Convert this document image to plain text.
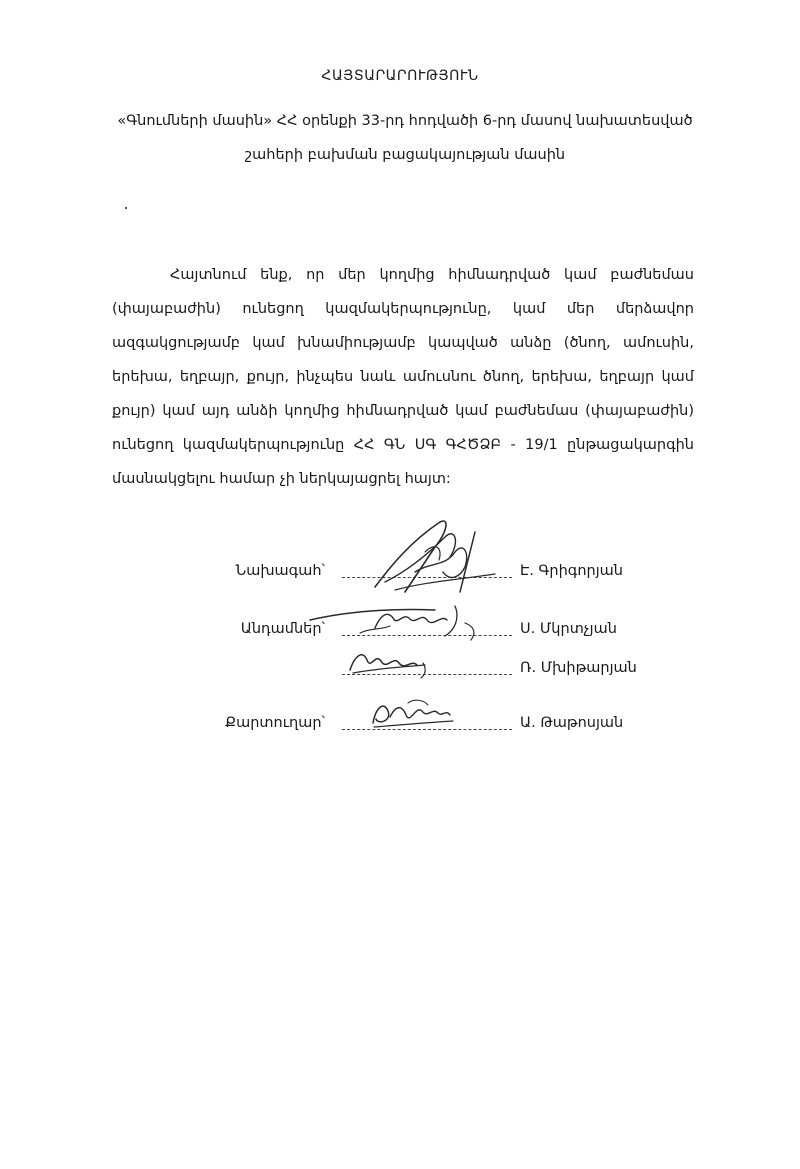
ՀԱՅՏԱՐԱՐՈՒԹՅՈՒՆ
«Գնումների մասին» ՀՀ օրենքի 33-րդ հոդվածի 6-րդ մասով նախատեսված շահերի բախման բացակայության մասին
Հայտնում ենք, որ մեր կողմից հիմնադրված կամ բաժնեմաս (փայաբաժին) ունեցող կազմակերպությունը, կամ մեր մերձավոր ազգակցությամբ կամ խնամիությամբ կապված անձը (ծնող, ամուսին, երեխա, եղբայր, քույր, ինչպես նաև ամուսնու ծնող, երեխա, եղբայր կամ քույր) կամ այդ անձի կողմից հիմնադրված կամ բաժնեմաս (փայաբաժին) ունեցող կազմակերպությունը ՀՀ ԳՆ ՍԳ ԳՀԾՁԲ - 19/1 ընթացակարգին մասնակցելու համար չի ներկայացրել հայտ:
Նախագահ՝	Է. Գրիգորյան
Անդամներ՝	Ս. Մկրտչյան
Ռ. Մխիթարյան
Քարտուղար՝	Ա. Թաթոսյան
